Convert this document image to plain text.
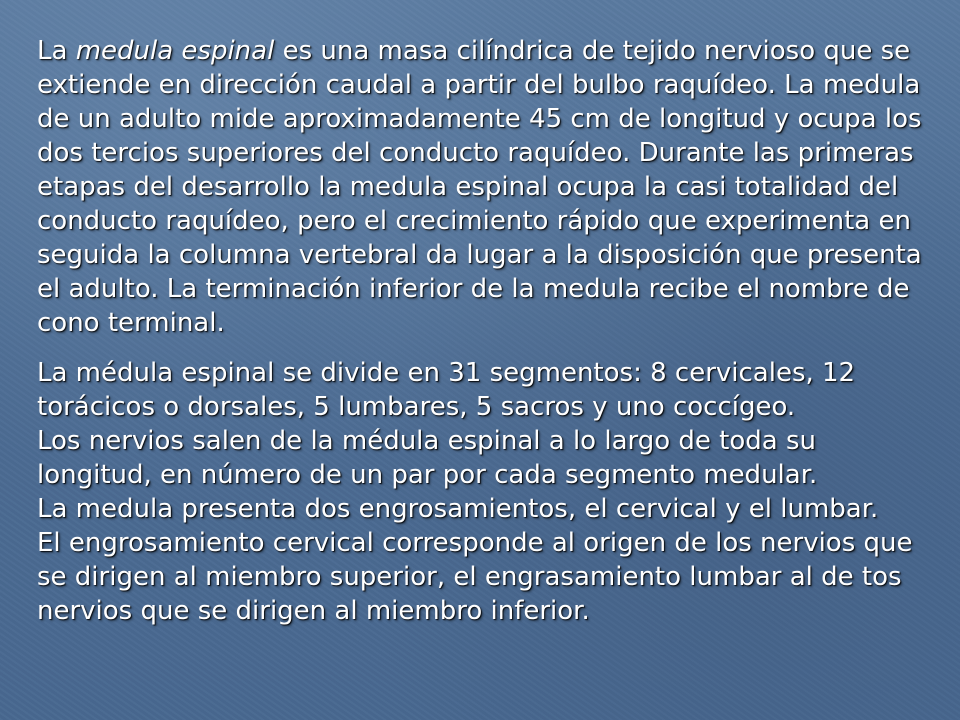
La medula espinal es una masa cilíndrica de tejido nervioso que se
extiende en dirección caudal a partir del bulbo raquídeo. La medula
de un adulto mide aproximadamente 45 cm de longitud y ocupa los
dos tercios superiores del conducto raquídeo. Durante las primeras
etapas del desarrollo la medula espinal ocupa la casi totalidad del
conducto raquídeo, pero el crecimiento rápido que experimenta en
seguida la columna vertebral da lugar a la disposición que presenta
el adulto. La terminación inferior de la medula recibe el nombre de
cono terminal.

La médula espinal se divide en 31 segmentos: 8 cervicales, 12
torácicos o dorsales, 5 lumbares, 5 sacros y uno coccígeo.
Los nervios salen de la médula espinal a lo largo de toda su
longitud, en número de un par por cada segmento medular.
La medula presenta dos engrosamientos, el cervical y el lumbar.
El engrosamiento cervical corresponde al origen de los nervios que
se dirigen al miembro superior, el engrasamiento lumbar al de tos
nervios que se dirigen al miembro inferior.
